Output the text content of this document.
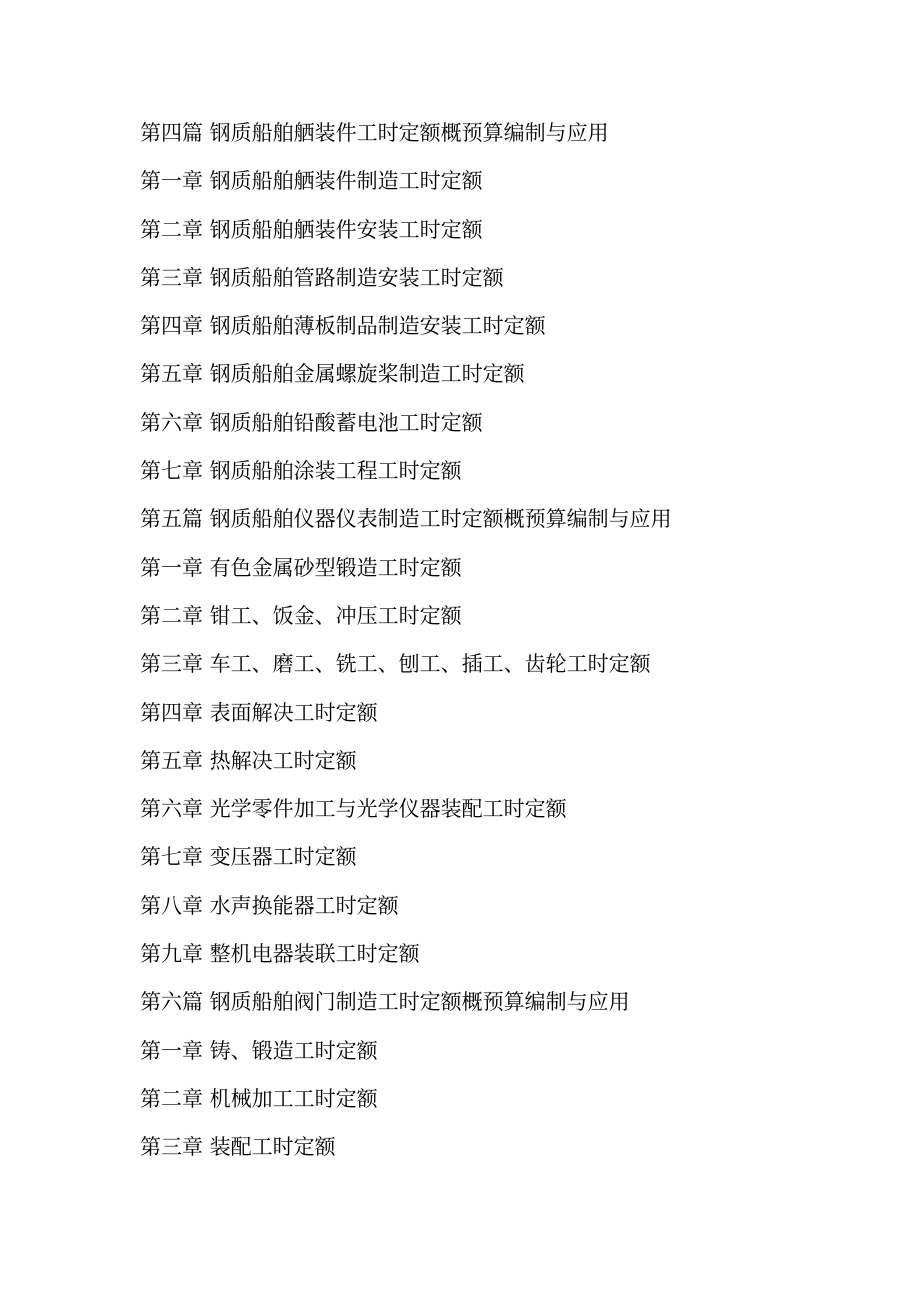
第四篇 钢质船舶舾装件工时定额概预算编制与应用
第一章 钢质船舶舾装件制造工时定额
第二章 钢质船舶舾装件安装工时定额
第三章 钢质船舶管路制造安装工时定额
第四章 钢质船舶薄板制品制造安装工时定额
第五章 钢质船舶金属螺旋桨制造工时定额
第六章 钢质船舶铅酸蓄电池工时定额
第七章 钢质船舶涂装工程工时定额
第五篇 钢质船舶仪器仪表制造工时定额概预算编制与应用
第一章 有色金属砂型锻造工时定额
第二章 钳工、饭金、冲压工时定额
第三章 车工、磨工、铣工、刨工、插工、齿轮工时定额
第四章 表面解决工时定额
第五章 热解决工时定额
第六章 光学零件加工与光学仪器装配工时定额
第七章 变压器工时定额
第八章 水声换能器工时定额
第九章 整机电器装联工时定额
第六篇 钢质船舶阀门制造工时定额概预算编制与应用
第一章 铸、锻造工时定额
第二章 机械加工工时定额
第三章 装配工时定额
